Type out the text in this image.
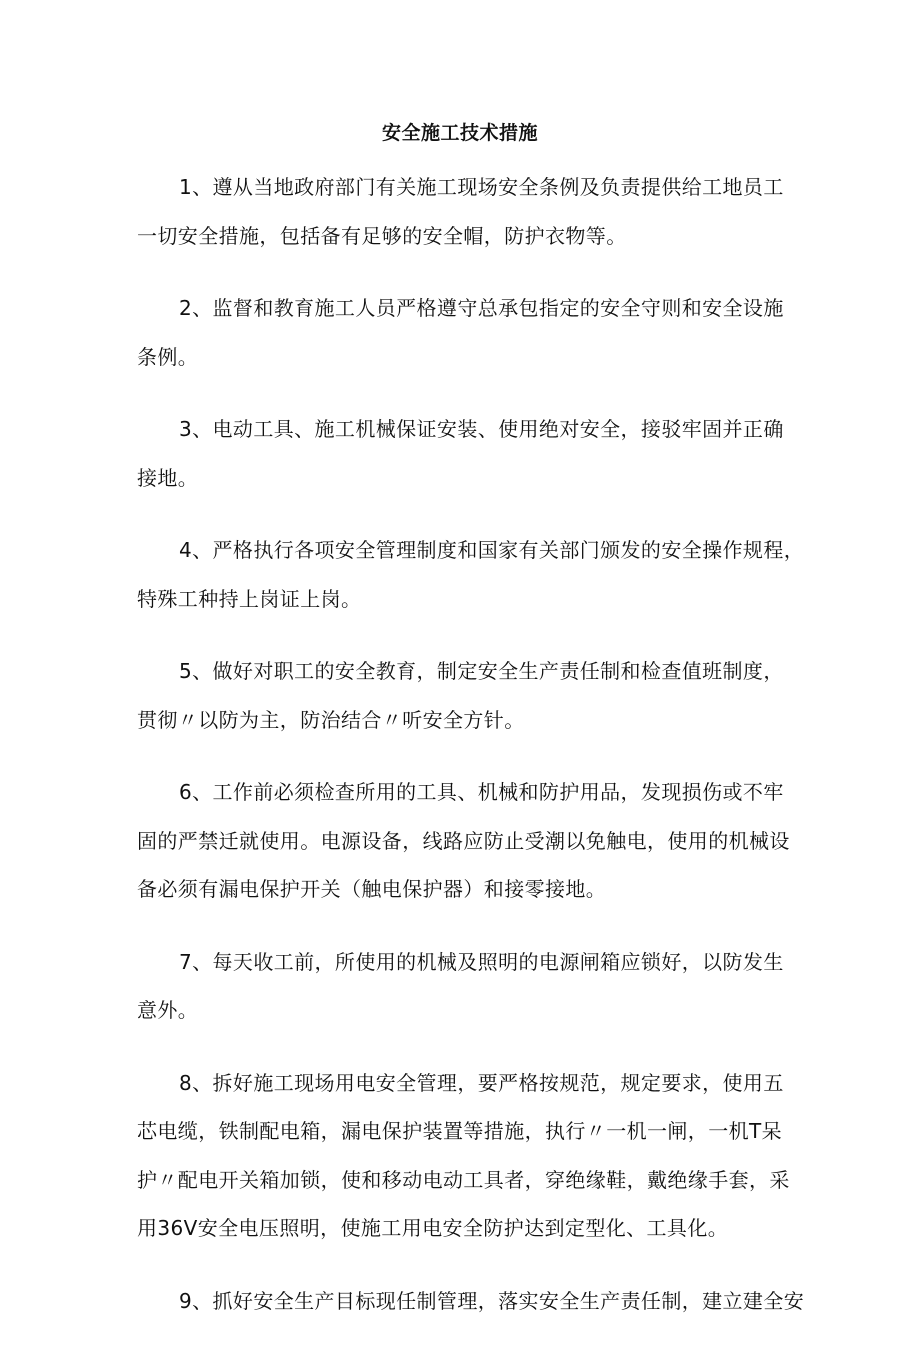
安全施工技术措施
1、遵从当地政府部门有关施工现场安全条例及负责提供给工地员工
一切安全措施，包括备有足够的安全帽，防护衣物等。
2、监督和教育施工人员严格遵守总承包指定的安全守则和安全设施
条例。
3、电动工具、施工机械保证安装、使用绝对安全，接驳牢固并正确
接地。
4、严格执行各项安全管理制度和国家有关部门颁发的安全操作规程，
特殊工种持上岗证上岗。
5、做好对职工的安全教育，制定安全生产责任制和检查值班制度，
贯彻〃以防为主，防治结合〃听安全方针。
6、工作前必须检查所用的工具、机械和防护用品，发现损伤或不牢
固的严禁迁就使用。电源设备，线路应防止受潮以免触电，使用的机械设
备必须有漏电保护开关（触电保护器）和接零接地。
7、每天收工前，所使用的机械及照明的电源闸箱应锁好，以防发生
意外。
8、拆好施工现场用电安全管理，要严格按规范，规定要求，使用五
芯电缆，铁制配电箱，漏电保护装置等措施，执行〃一机一闸，一机T呆
护〃配电开关箱加锁，使和移动电动工具者，穿绝缘鞋，戴绝缘手套，采
用36V安全电压照明，使施工用电安全防护达到定型化、工具化。
9、抓好安全生产目标现任制管理，落实安全生产责任制，建立建全安
